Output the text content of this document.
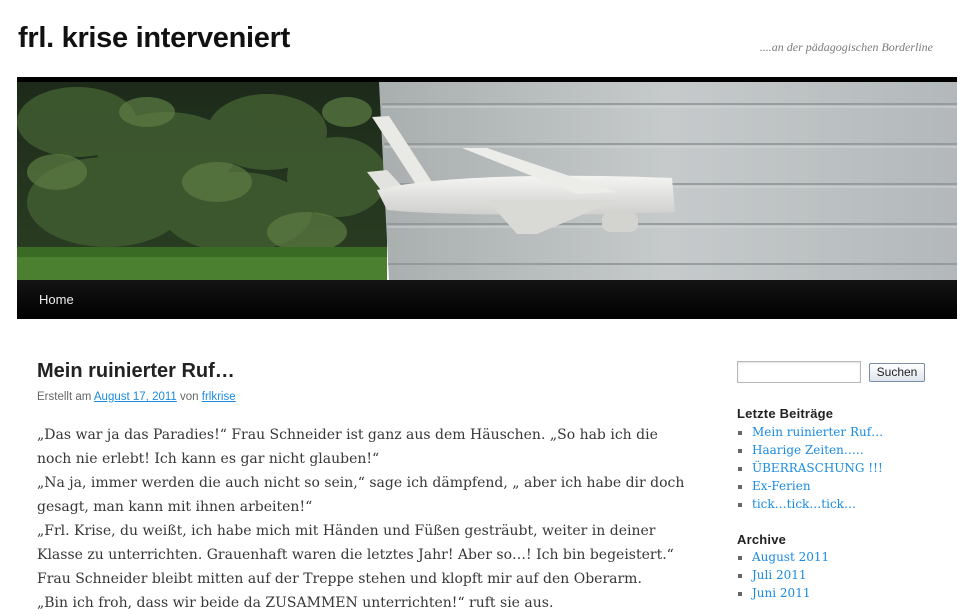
frl. krise interveniert	....an der pädagogischen Borderline
Home
Mein ruinierter Ruf…
Erstellt am August 17, 2011 von frlkrise

„Das war ja das Paradies!“ Frau Schneider ist ganz aus dem Häuschen. „So hab ich die noch nie erlebt! Ich kann es gar nicht glauben!“

„Na ja, immer werden die auch nicht so sein,“ sage ich dämpfend, „ aber ich habe dir doch gesagt, man kann mit ihnen arbeiten!“

„Frl. Krise, du weißt, ich habe mich mit Händen und Füßen gesträubt, weiter in deiner Klasse zu unterrichten. Grauenhaft waren die letztes Jahr! Aber so…! Ich bin begeistert.“

Frau Schneider bleibt mitten auf der Treppe stehen und klopft mir auf den Oberarm.

„Bin ich froh, dass wir beide da ZUSAMMEN unterrichten!“ ruft sie aus.

Suchen
Letzte Beiträge
▪ Mein ruinierter Ruf…
▪ Haarige Zeiten…..
▪ ÜBERRASCHUNG !!!
▪ Ex-Ferien
▪ tick…tick…tick…
Archive
▪ August 2011
▪ Juli 2011
▪ Juni 2011
